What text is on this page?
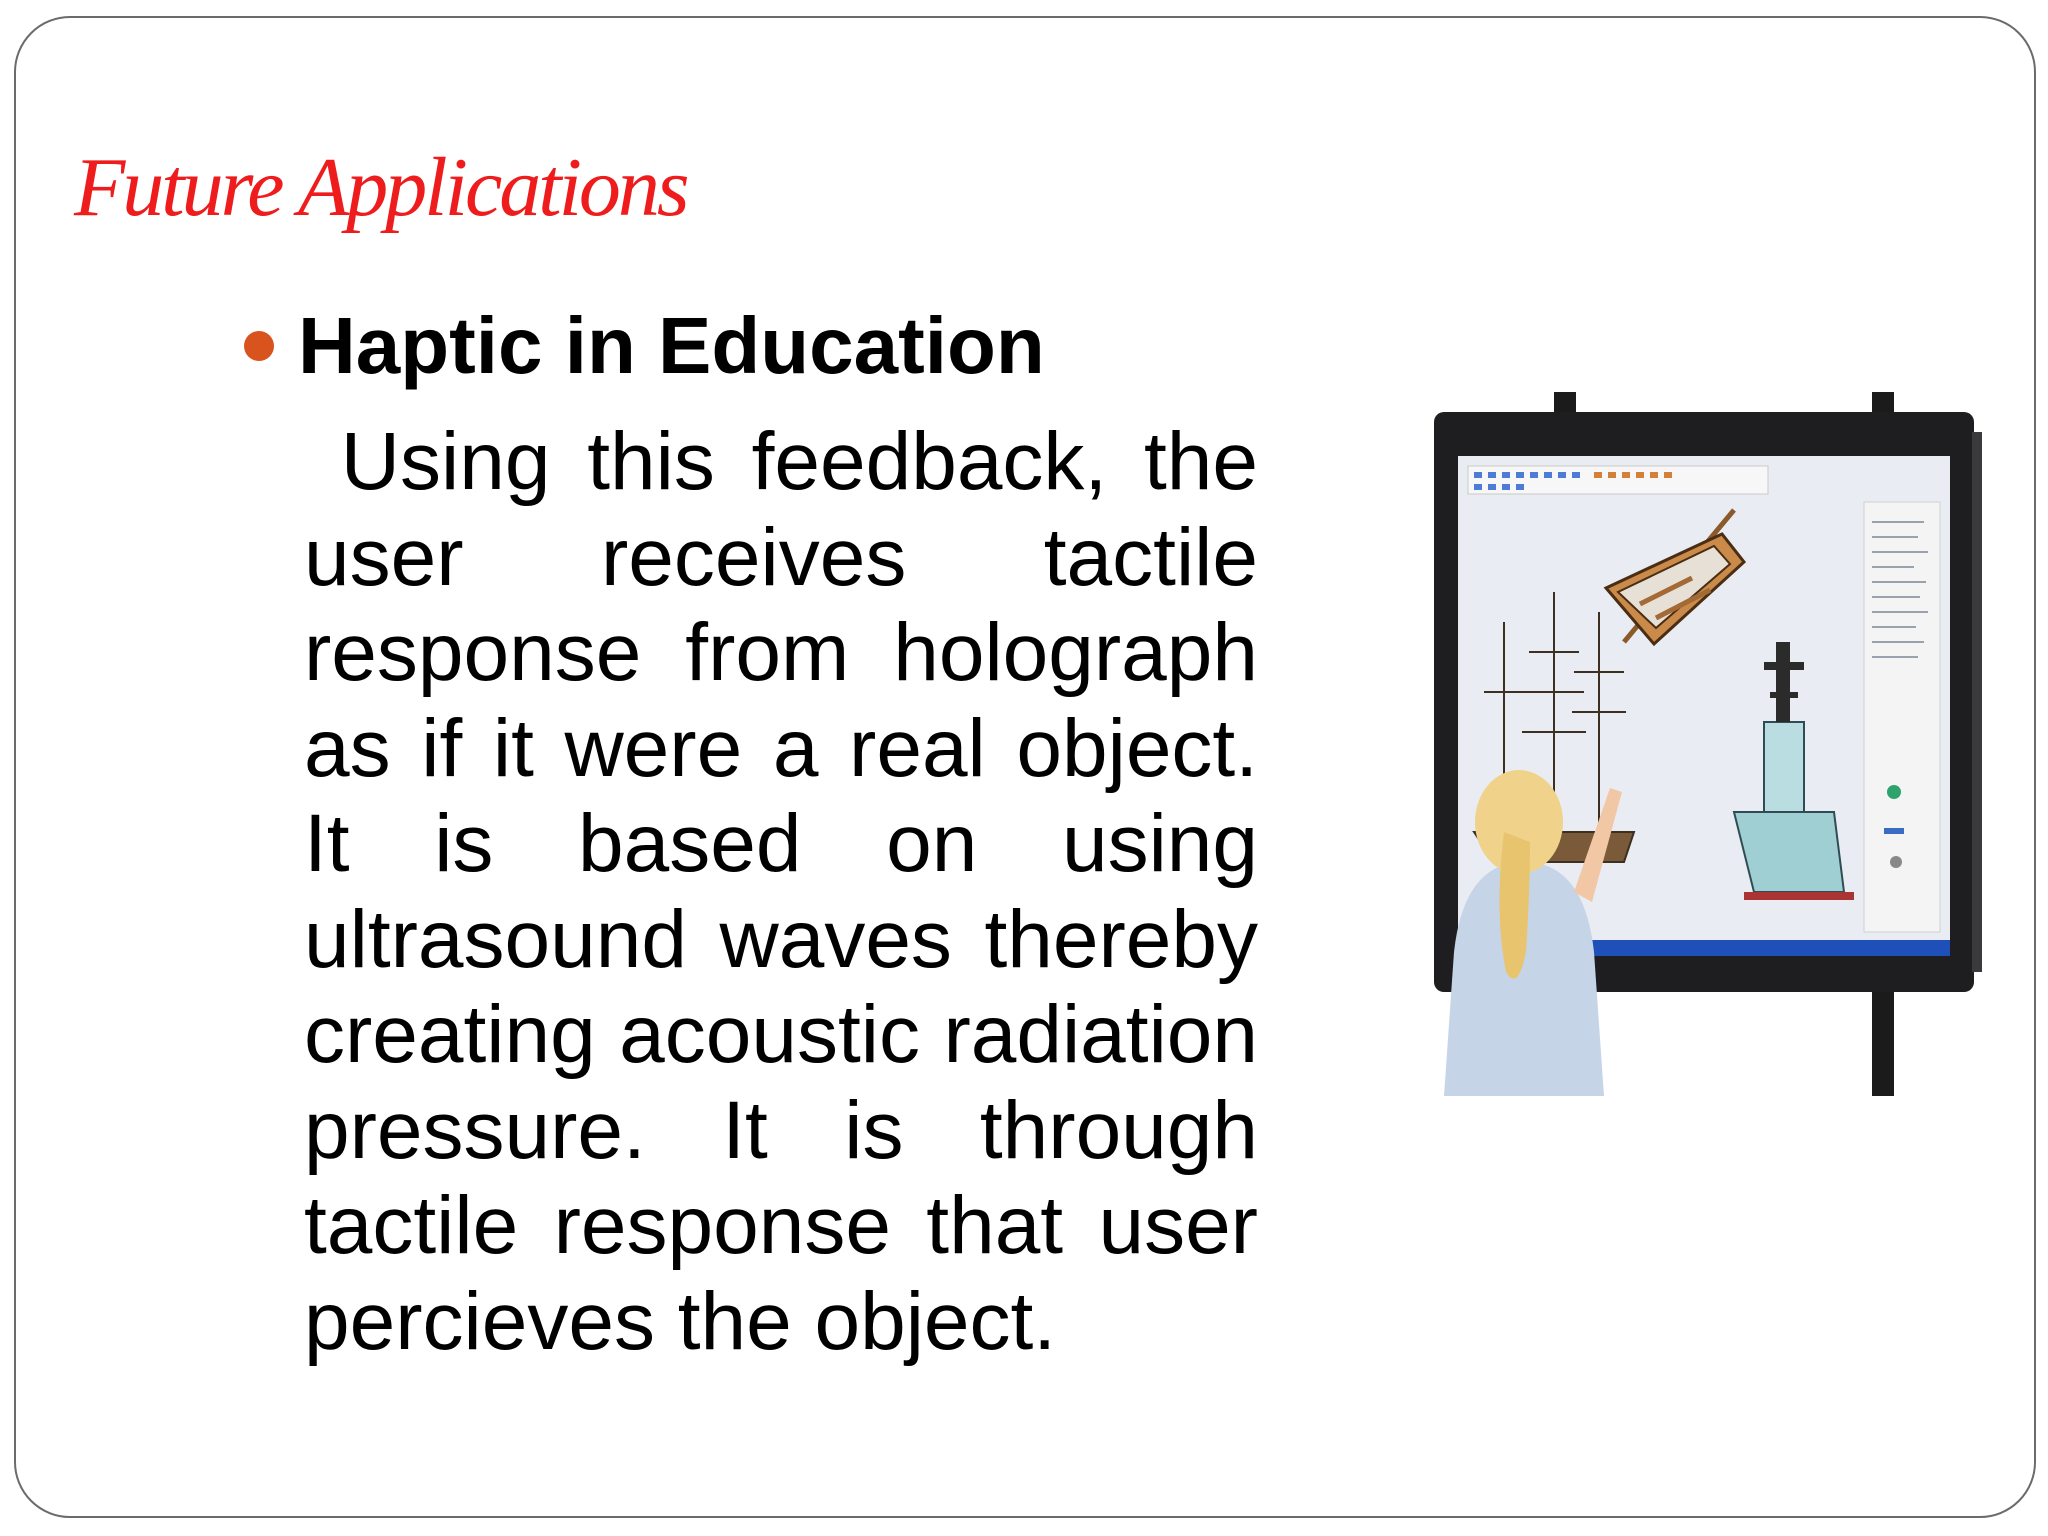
Future Applications
Haptic in Education

Using this feedback, the user receives tactile response from holograph as if it were a real object. It is based on using ultrasound waves thereby creating acoustic radiation pressure. It is through tactile response that user percieves the object.
